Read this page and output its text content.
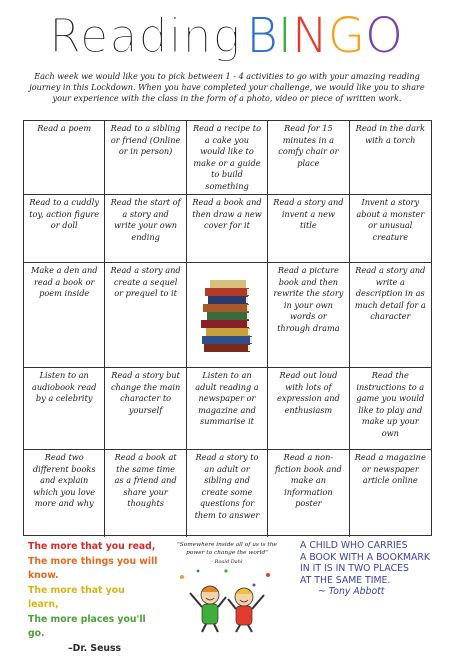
Reading BINGO
Each week we would like you to pick between 1 - 4 activities to go with your amazing reading journey in this Lockdown. When you have completed your challenge, we would like you to share your experience with the class in the form of a photo, video or piece of written work.
Read a poem	Read to a sibling or friend (Online or in person)
Read a recipe to a cake you would like to make or a guide to build something
Read for 15 minutes in a comfy chair or place
Read in the dark with a torch
Read to a cuddly toy, action figure or doll
Read the start of a story and write your own ending
Read a book and then draw a new cover for it
Read a story and invent a new title
Invent a story about a monster or unusual creature
Make a den and read a book or poem inside
Read a story and create a sequel or prequel to it
Read a picture book and then rewrite the story in your own words or through drama
Read a story and write a description in as much detail for a character
Listen to an audiobook read by a celebrity
Read a story but change the main character to yourself
Listen to an adult reading a newspaper or magazine and summarise it
Read out loud with lots of expression and enthusiasm
Read the instructions to a game you would like to play and make up your own
Read two different books and explain which you love more and why
Read a book at the same time as a friend and share your thoughts
Read a story to an adult or sibling and create some questions for them to answer
Read a non-fiction book and make an information poster
Read a magazine or newspaper article online
The more that you read,
The more things you will know.
The more that you learn,
The more places you'll go.
–Dr. Seuss
"Somewhere inside all of us is the power to change the world"
- Roald Dahl
A CHILD WHO CARRIES
A BOOK WITH A BOOKMARK
IN IT IS IN TWO PLACES
AT THE SAME TIME.
~ Tony Abbott
